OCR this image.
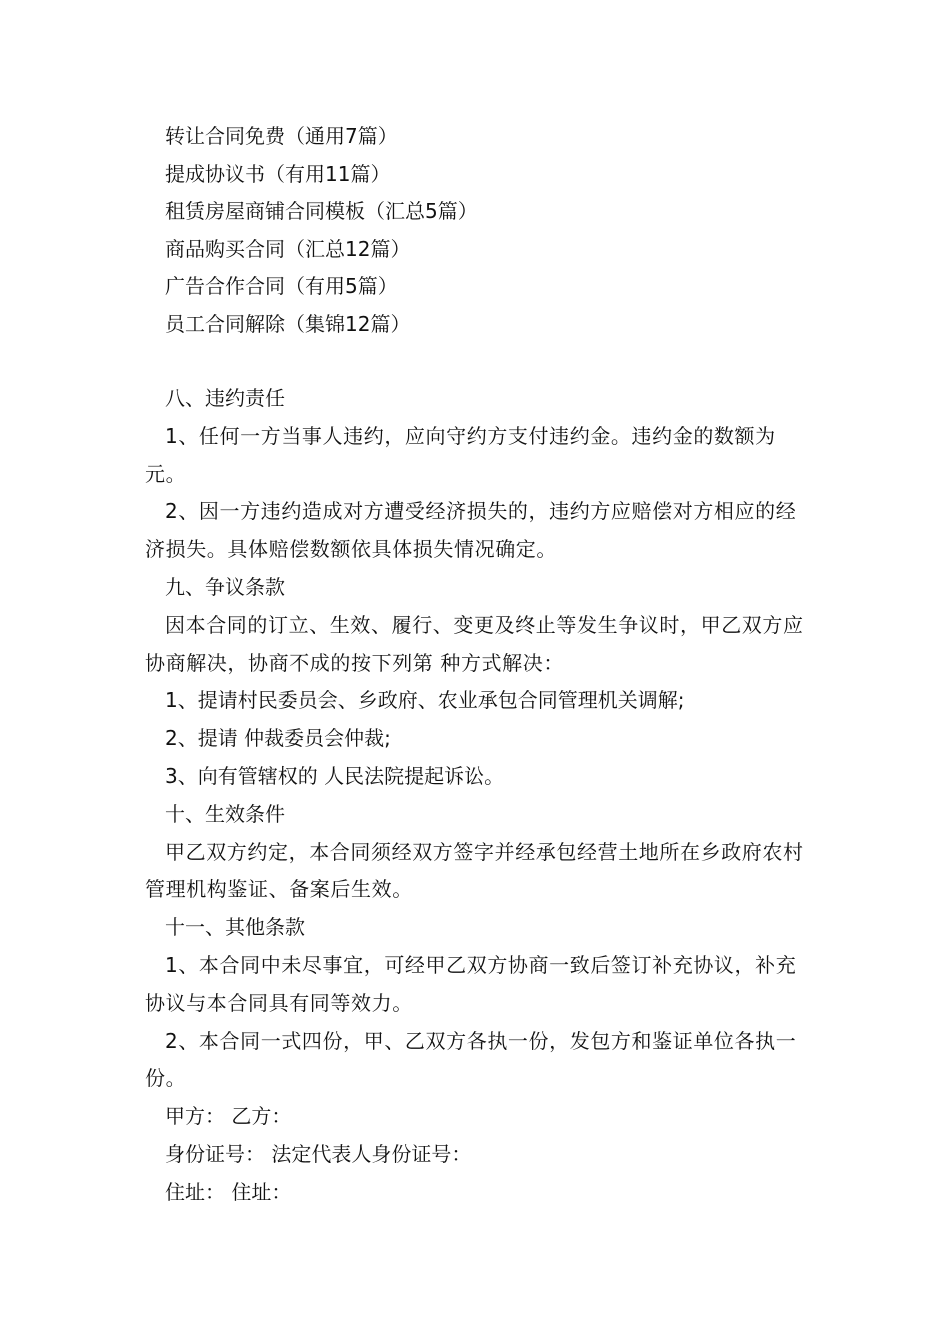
转让合同免费（通用7篇）
提成协议书（有用11篇）
租赁房屋商铺合同模板（汇总5篇）
商品购买合同（汇总12篇）
广告合作合同（有用5篇）
员工合同解除（集锦12篇）

八、违约责任

1、任何一方当事人违约，应向守约方支付违约金。违约金的数额为 元。

2、因一方违约造成对方遭受经济损失的，违约方应赔偿对方相应的经济损失。具体赔偿数额依具体损失情况确定。

九、争议条款

因本合同的订立、生效、履行、变更及终止等发生争议时，甲乙双方应协商解决，协商不成的按下列第 种方式解决：

1、提请村民委员会、乡政府、农业承包合同管理机关调解;

2、提请 仲裁委员会仲裁;

3、向有管辖权的 人民法院提起诉讼。

十、生效条件

甲乙双方约定，本合同须经双方签字并经承包经营土地所在乡政府农村管理机构鉴证、备案后生效。

十一、其他条款

1、本合同中未尽事宜，可经甲乙双方协商一致后签订补充协议，补充协议与本合同具有同等效力。

2、本合同一式四份，甲、乙双方各执一份，发包方和鉴证单位各执一份。

甲方： 乙方：

身份证号： 法定代表人身份证号：

住址： 住址：
